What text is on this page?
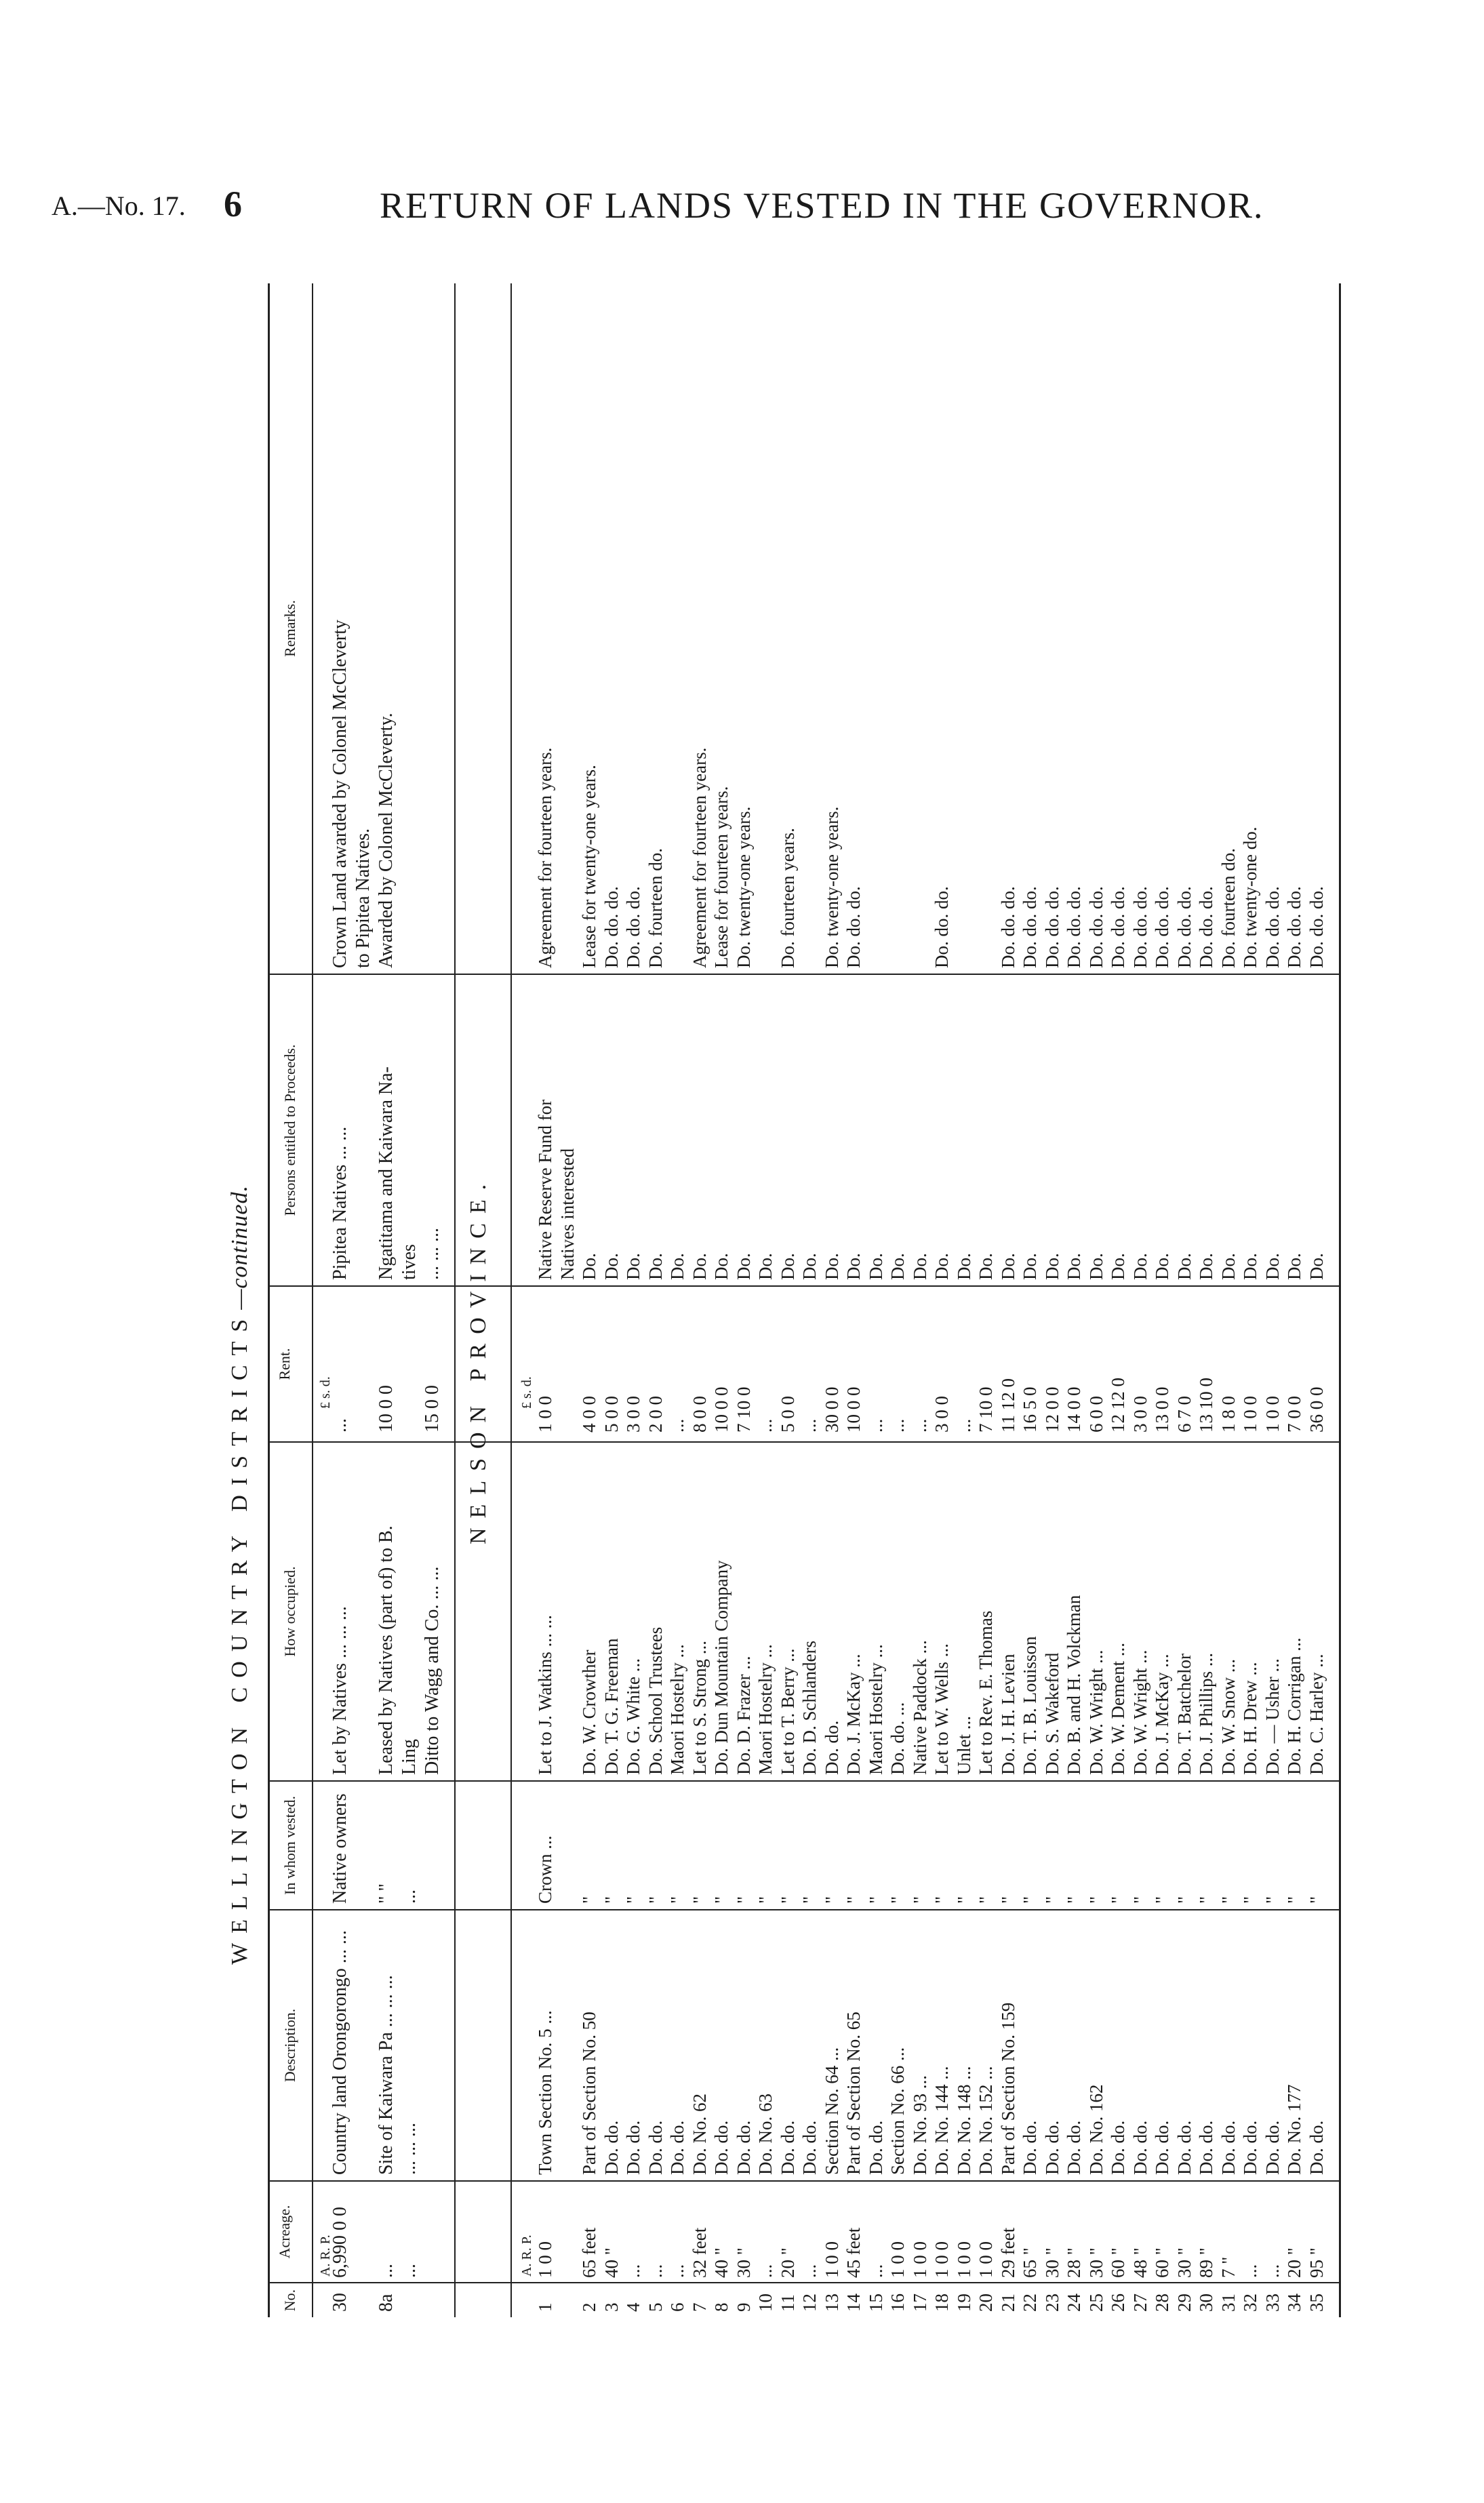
A.—No. 17. 6	RETURN OF LANDS VESTED IN THE GOVERNOR.
WELLINGTON COUNTRY DISTRICTS—continued.
No.
Acreage.
Description.
In whom vested.
How occupied.
Rent.
Persons entitled to Proceeds.
Remarks.
A. R. P.
£ s. d.
30
6,990 0 0
Country land Orongorongo ... ...
Native owners
Let by Natives ... ... ...
...
Pipitea Natives ... ...
Crown Land awarded by Colonel McCleverty to Pipitea Natives.
8a
...
Site of Kaiwara Pa ... ... ...
" "
Leased by Natives (part of) to B.
10 0 0
Ngatitama and Kaiwara Na-
Awarded by Colonel McCleverty.
...
... ... ...
...
Ling
tives
Ditto to Wagg and Co. ... ...
15 0 0
... ... ... NELSON PROVINCE.
A. R. P.
£ s. d.
1
1 0 0
Town Section No. 5 ...
Crown ...
Let to J. Watkins ... ...
1 0 0
Native Reserve Fund for
Agreement for fourteen years.
Natives interested
2
65 feet
Part of Section No. 50
"
Do. W. Crowther
4 0 0
Do.
Lease for twenty-one years.
3
40 "
Do. do.
"
Do. T. G. Freeman
5 0 0
Do.
Do. do. do.
4
...
Do. do.
"
Do. G. White ...
3 0 0
Do.
Do. do. do.
5
...
Do. do.
"
Do. School Trustees
2 0 0
Do.
Do. fourteen do.
6
...
Do. do.
"
Maori Hostelry ...
...
Do.
7
32 feet
Do. No. 62
"
Let to S. Strong ...
8 0 0
Do.
Agreement for fourteen years.
8
40 "
Do. do.
"
Do. Dun Mountain Company
10 0 0
Do.
Lease for fourteen years.
9
30 "
Do. do.
"
Do. D. Frazer ...
7 10 0
Do.
Do. twenty-one years.
10
...
Do. No. 63
"
Maori Hostelry ...
...
Do.
11
20 "
Do. do.
"
Let to T. Berry ...
5 0 0
Do.
Do. fourteen years.
12
...
Do. do.
"
Do. D. Schlanders
...
Do.
13
1 0 0
Section No. 64 ...
"
Do. do.
30 0 0
Do.
Do. twenty-one years.
14
45 feet
Part of Section No. 65
"
Do. J. McKay ...
10 0 0
Do.
Do. do. do.
15
...
Do. do.
"
Maori Hostelry ...
...
Do.
16
1 0 0
Section No. 66 ...
"
Do. do. ...
...
Do.
17
1 0 0
Do. No. 93 ...
"
Native Paddock ...
...
Do.
18
1 0 0
Do. No. 144 ...
"
Let to W. Wells ...
3 0 0
Do.
Do. do. do.
19
1 0 0
Do. No. 148 ...
"
Unlet ...
...
Do.
20
1 0 0
Do. No. 152 ...
"
Let to Rev. E. Thomas
7 10 0
Do.
21
29 feet
Part of Section No. 159
"
Do. J. H. Levien
11 12 0
Do.
Do. do. do.
22
65 "
Do. do.
"
Do. T. B. Louisson
16 5 0
Do.
Do. do. do.
23
30 "
Do. do.
"
Do. S. Wakeford
12 0 0
Do.
Do. do. do.
24
28 "
Do. do.
"
Do. B. and H. Volckman
14 0 0
Do.
Do. do. do.
25
30 "
Do. No. 162
"
Do. W. Wright ...
6 0 0
Do.
Do. do. do.
26
60 "
Do. do.
"
Do. W. Dement ...
12 12 0
Do.
Do. do. do.
27
48 "
Do. do.
"
Do. W. Wright ...
3 0 0
Do.
Do. do. do.
28
60 "
Do. do.
"
Do. J. McKay ...
13 0 0
Do.
Do. do. do.
29
30 "
Do. do.
"
Do. T. Batchelor
6 7 0
Do.
Do. do. do.
30
89 "
Do. do.
"
Do. J. Phillips ...
13 10 0
Do.
Do. do. do.
31
7 "
Do. do.
"
Do. W. Snow ...
1 8 0
Do.
Do. fourteen do.
32
...
Do. do.
"
Do. H. Drew ...
1 0 0
Do.
Do. twenty-one do.
33
...
Do. do.
"
Do. — Usher ...
1 0 0
Do.
Do. do. do.
34
20 "
Do. No. 177
"
Do. H. Corrigan ...
7 0 0
Do.
Do. do. do.
35
95 "
Do. do.
"
Do. C. Harley ...
36 0 0
Do.
Do. do. do.
